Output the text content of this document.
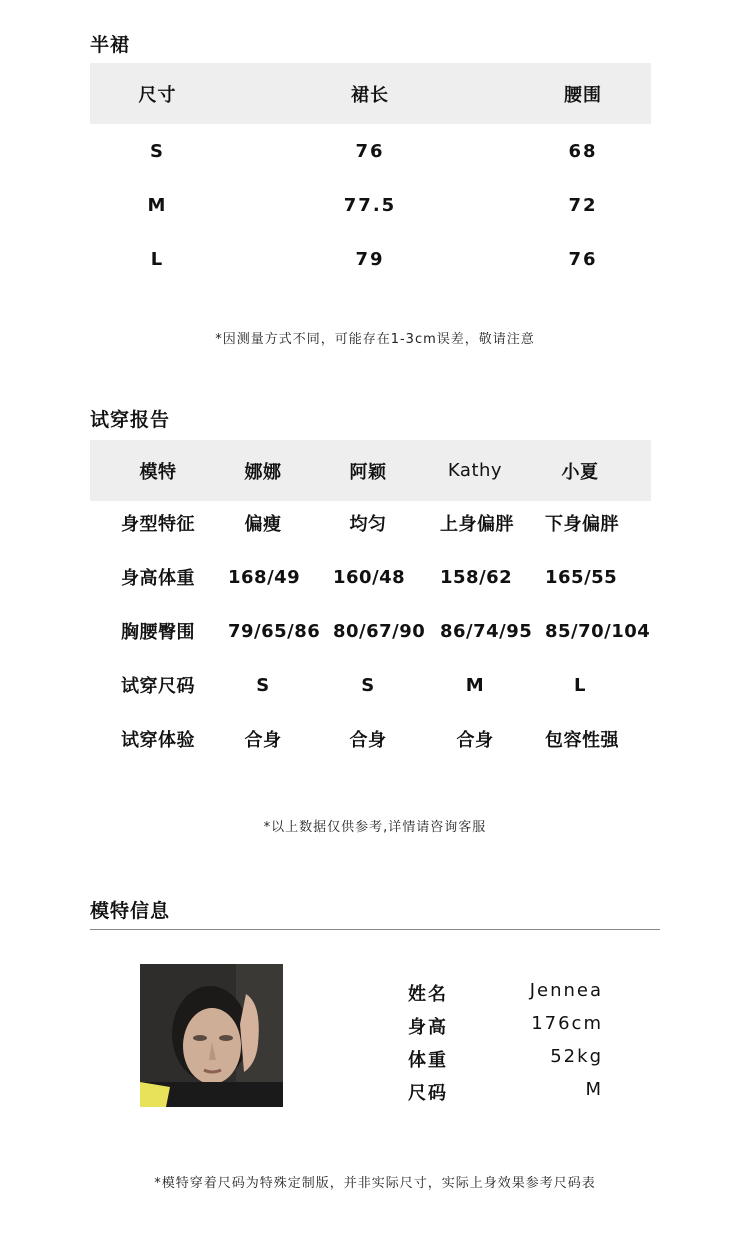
半裙
尺寸	裙长	腰围
S	76	68
M	77.5	72
L	79	76
*因测量方式不同，可能存在1-3cm误差，敬请注意
试穿报告
模特	娜娜	阿颖	Kathy	小夏
身型特征	偏瘦	均匀	上身偏胖 下身偏胖
身高体重	168/49 160/48 158/62 165/55
胸腰臀围	79/65/86 80/67/90 86/74/95 85/70/104
试穿尺码	S	S	M	L
试穿体验	合身	合身	合身	包容性强
*以上数据仅供参考,详情请咨询客服
模特信息
姓名	Jennea
身高	176cm
体重	52kg
尺码	M
*模特穿着尺码为特殊定制版，并非实际尺寸，实际上身效果参考尺码表
